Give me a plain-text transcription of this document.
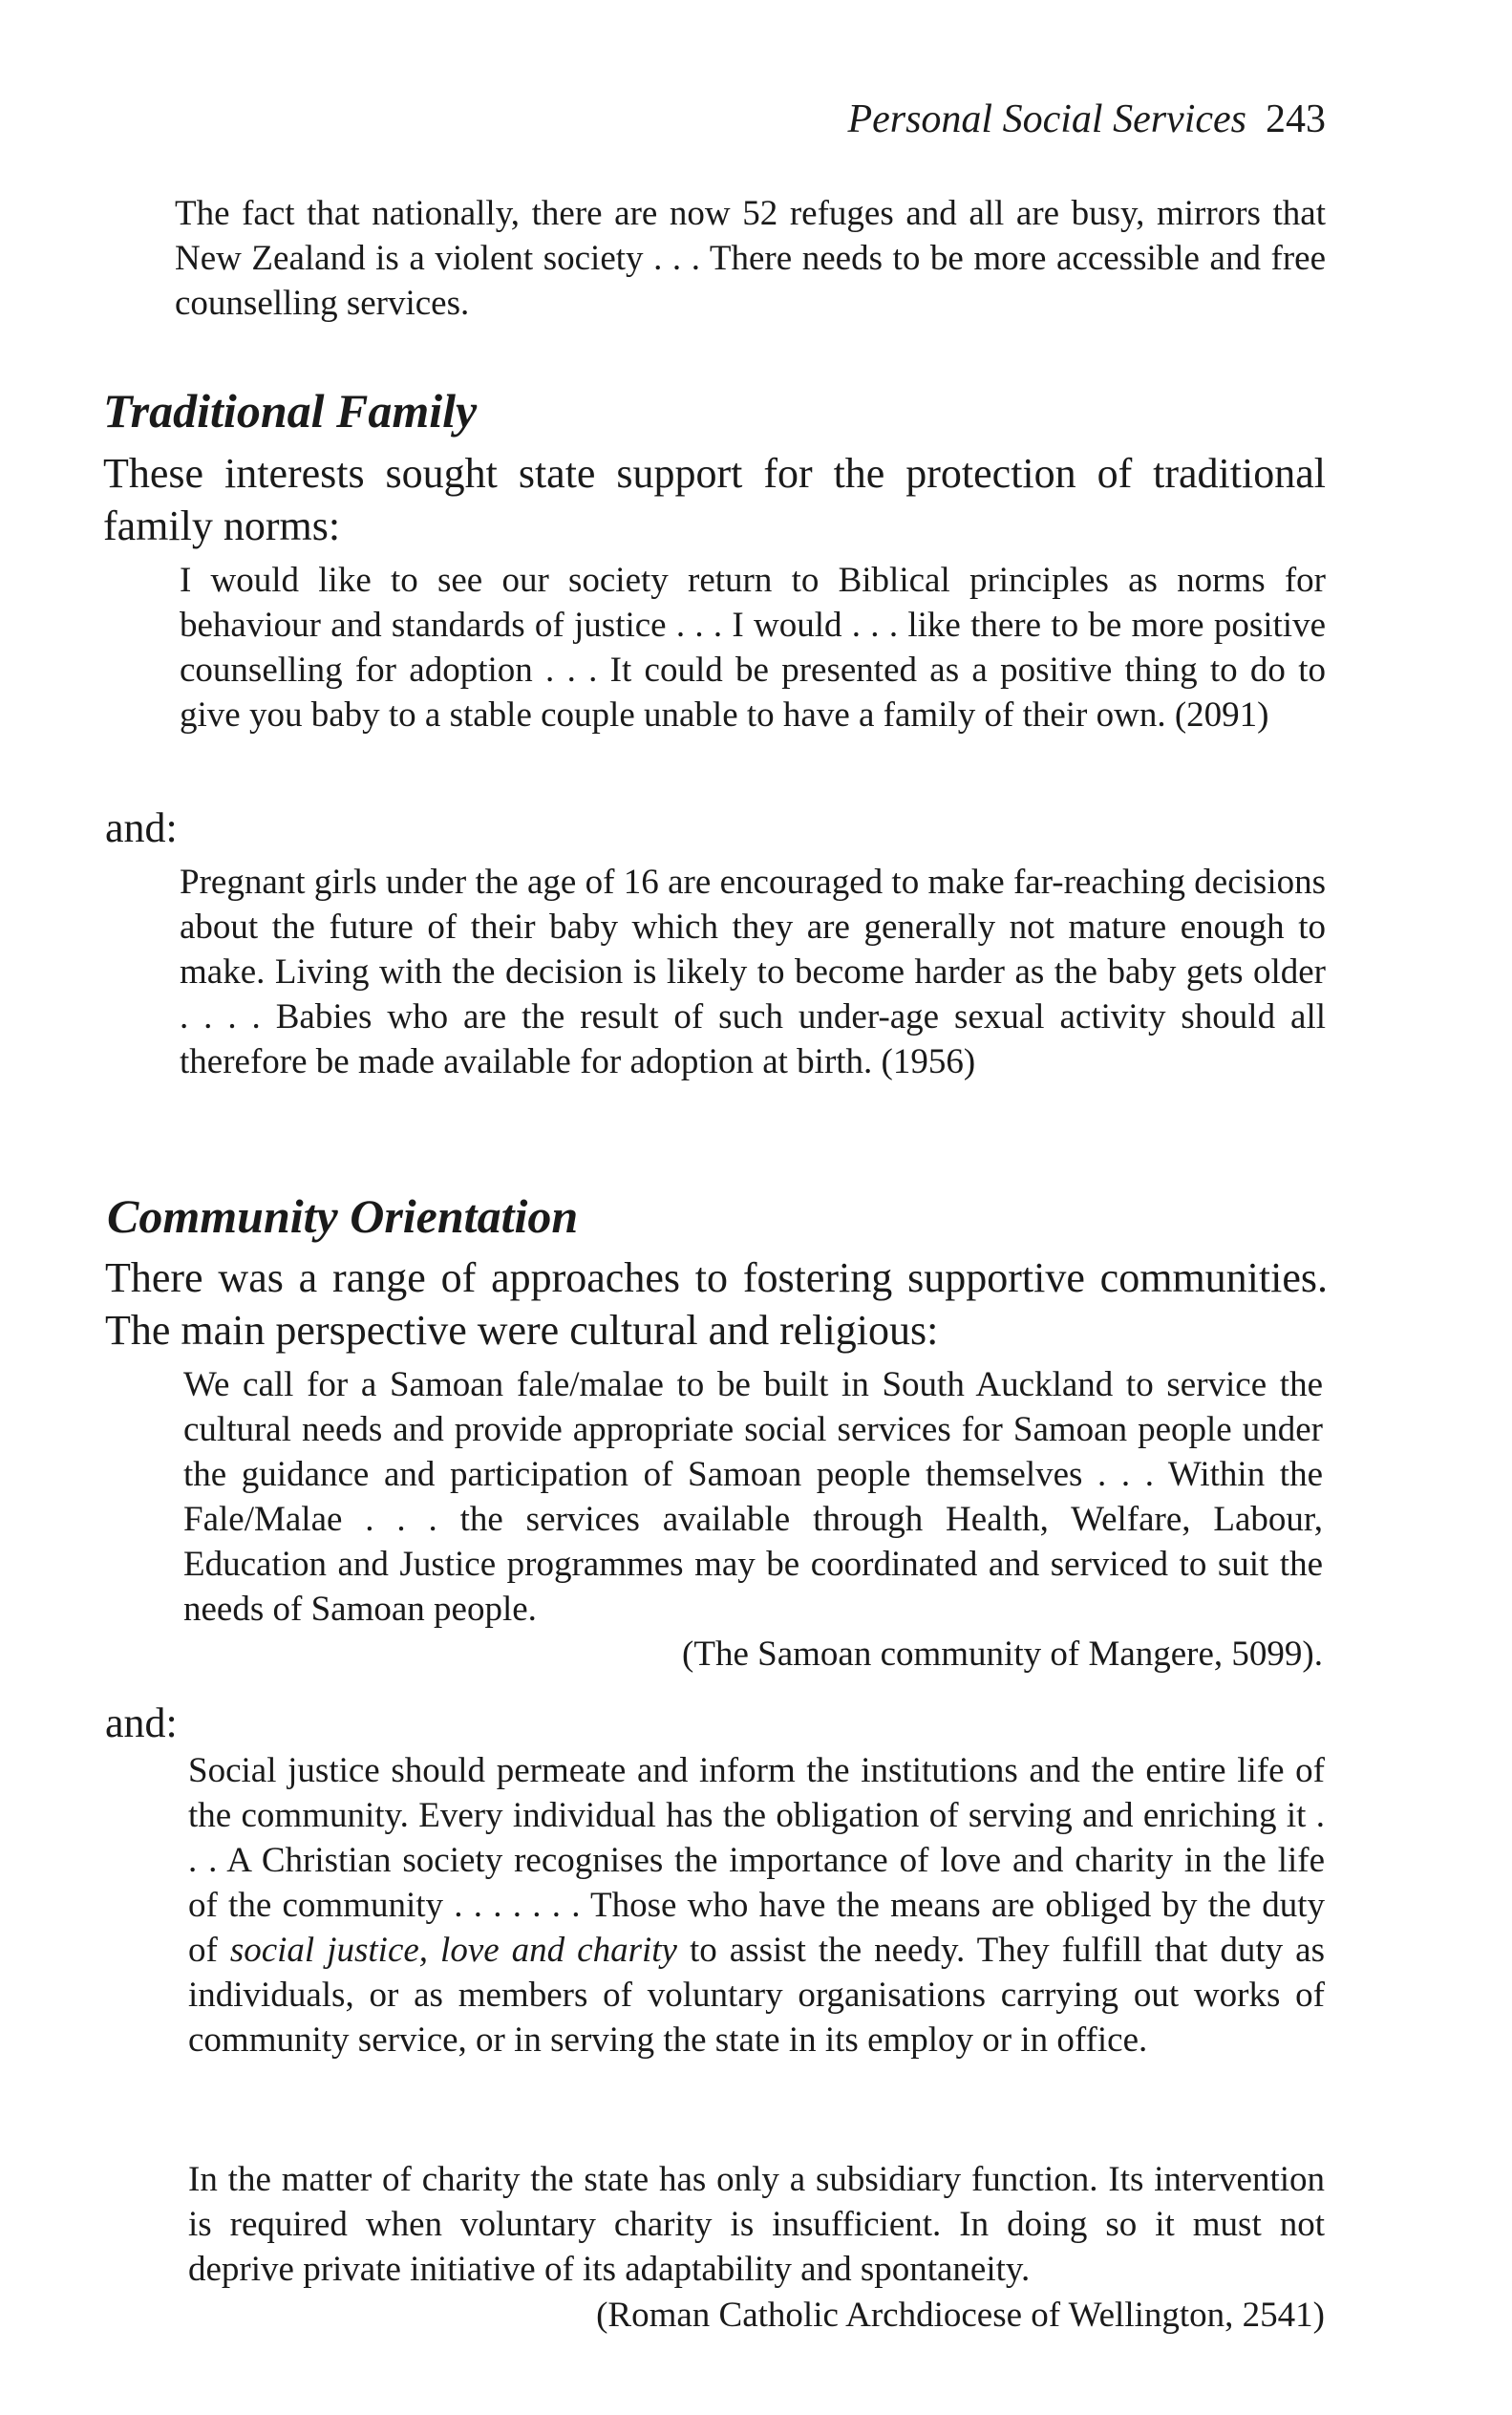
Personal Social Services 243

The fact that nationally, there are now 52 refuges and all are busy, mirrors that New Zealand is a violent society . . . There needs to be more accessible and free counselling services.

Traditional Family

These interests sought state support for the protection of traditional family norms:

I would like to see our society return to Biblical principles as norms for behaviour and standards of justice . . . I would . . . like there to be more positive counselling for adoption . . . It could be presented as a positive thing to do to give you baby to a stable couple unable to have a family of their own. (2091)

and:

Pregnant girls under the age of 16 are encouraged to make far-reaching decisions about the future of their baby which they are generally not mature enough to make. Living with the decision is likely to become harder as the baby gets older . . . . Babies who are the result of such under-age sexual activity should all therefore be made available for adoption at birth. (1956)

Community Orientation

There was a range of approaches to fostering supportive communities. The main perspective were cultural and religious:

We call for a Samoan fale/malae to be built in South Auckland to service the cultural needs and provide appropriate social services for Samoan people under the guidance and participation of Samoan people themselves . . . Within the Fale/Malae . . . the services available through Health, Welfare, Labour, Education and Justice programmes may be coordinated and serviced to suit the needs of Samoan people.

(The Samoan community of Mangere, 5099).

and:

Social justice should permeate and inform the institutions and the entire life of the community. Every individual has the obligation of serving and enriching it . . . A Christian society recognises the importance of love and charity in the life of the community . . . . . . . Those who have the means are obliged by the duty of social justice, love and charity to assist the needy. They fulfill that duty as individuals, or as members of voluntary organisations carrying out works of community service, or in serving the state in its employ or in office.

In the matter of charity the state has only a subsidiary function. Its intervention is required when voluntary charity is insufficient. In doing so it must not deprive private initiative of its adaptability and spontaneity.

(Roman Catholic Archdiocese of Wellington, 2541)
